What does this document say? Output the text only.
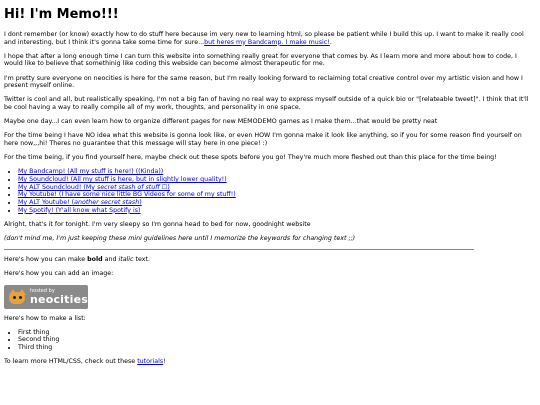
Hi! I'm Memo!!!

I dont remember (or know) exactly how to do stuff here because im very new to learning html, so please be patient while I build this up. I want to make it really cool and interesting, but I think it's gonna take some time for sure...but heres my Bandcamp. I make music!.

I hope that after a long enough time I can turn this website into something really great for everyone that comes by. As I learn more and more about how to code, I would like to believe that somethinig like coding this webside can become almost therapeutic for me.

I'm pretty sure everyone on neocities is here for the same reason, but I'm really looking forward to reclaiming total creative control over my artistic vision and how I present myself online.

Twitter is cool and all, but realistically speaking, I'm not a big fan of having no real way to express myself outside of a quick bio or "[relateable tweet]". I think that It'll be cool having a way to really compile all of my work, thoughts, and personality in one space.

Maybe one day...I can even learn how to organize different pages for new MEMODEMO games as I make them...that would be pretty neat

For the time being I have NO idea what this website is gonna look like, or even HOW I'm gonna make it look like anything, so if you for some reason find yourself on here now,,,hi! Theres no guarantee that this message will stay here in one piece! :)

For the time being, if you find yourself here, maybe check out these spots before you go! They're much more fleshed out than this place for the time being!

• My Bandcamp! (All my stuff is here!) ((Kinda))
• My Soundcloud! (All my stuff is here, but in slightly lower quality!)
• My ALT Soundcloud! (My secret stash of stuff ☐)
• My Youtube! (I have some nice little BG Videos for some of my stuff!)
• My ALT Youtube! (another secret stash)
• My Spotify! (Y'all know what Spotify is)

Alright, that's it for tonight. I'm very sleepy so I'm gonna head to bed for now, goodnight website

(don't mind me, I'm just keeping these mini guidelines here until I memorize the keywords for changing text ;;)

Here's how you can make bold and italic text.

Here's how you can add an image:

hosted by
neocities

Here's how to make a list:

• First thing
• Second thing
• Third thing

To learn more HTML/CSS, check out these tutorials!
